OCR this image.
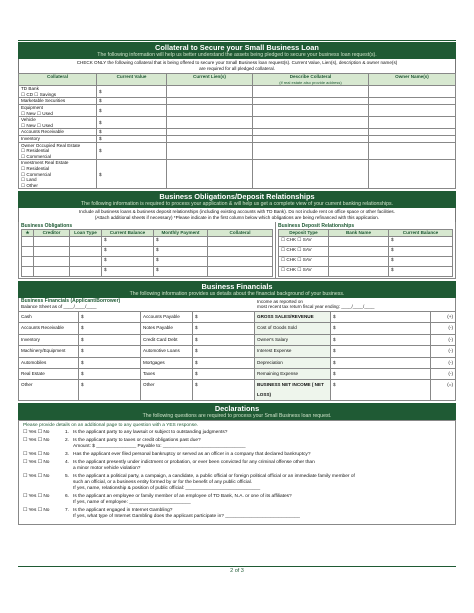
Collateral to Secure your Small Business Loan
The following information will help us better understand the assets being pledged to secure your business loan request(s).
CHECK ONLY the following collateral that is being offered to secure your Small Business loan request(s). Current Value, Lien(s), description & owner name(s)
are required for all pledged collateral.
Collateral	Current Value	Current Lien(s)	Describe Collateral
(if real estate also provide address)	Owner Name(s)

TD Bank
☐ CD ☐ Savings	$			

Marketable Securities	$			

Equipment
☐ New ☐ Used	$			

Vehicle
☐ New ☐ Used	$			

Accounts Receivable	$			

Inventory	$			

Owner Occupied Real Estate
☐ Residential
☐ Commercial	$			

Investment Real Estate
☐ Residential
☐ Commercial
☐ Land
☐ Other	$			
Business Obligations/Deposit Relationships
The following information is required to process your application & will help us get a complete view of your current banking relationships.
Include all business loans & business deposit relationships (including existing accounts with TD Bank). Do not include rent on office space or other facilities.
(Attach additional sheets if necessary) *Please indicate in the first column below which obligations are being refinanced with this application.
Business Obligations
★	Creditor	Loan Type	Current Balance	Monthly Payment	Collateral
			$	$	
			$	$	
			$	$	
			$	$	
Business Deposit Relationships
Deposit Type	Bank Name	Current Balance
☐ CHK ☐ SAV		$
☐ CHK ☐ SAV		$
☐ CHK ☐ SAV		$
☐ CHK ☐ SAV		$
Business Financials
The following information provides us details about the financial background of your business.
Business Financials (Applicant/Borrower)
Balance Sheet as of ____/____/____
Income as reported on
most recent tax return fiscal year ending: ____/____/____
Cash	$	Accounts Payable	$	GROSS SALES/REVENUE	$	(+)
Accounts Receivable	$	Notes Payable	$	Cost of Goods Sold	$	(-)
Inventory	$	Credit Card Debt	$	Owner's Salary	$	(-)
Machinery/Equipment	$	Automotive Loans	$	Interest Expense	$	(-)
Automobiles	$	Mortgages	$	Depreciation	$	(-)
Real Estate	$	Taxes	$	Remaining Expense	$	(-)
Other	$	Other	$	BUSINESS NET INCOME ( NET LOSS)	$	(=)
Declarations
The following questions are required to process your Small Business loan request.
Please provide details on an additional page to any question with a YES response.
☐ Yes ☐ No	1. Is the applicant party to any lawsuit or subject to outstanding judgments?
☐ Yes ☐ No	2. Is the applicant party to taxes or credit obligations past due?
Amount: $ _______________ Payable to: _______________________________
☐ Yes ☐ No	3. Has the applicant ever filed personal bankruptcy or served as an officer in a company that declared bankruptcy?
☐ Yes ☐ No	4. Is the applicant presently under indictment or probation, or ever been convicted for any criminal offense other than
a minor motor vehicle violation?
☐ Yes ☐ No	5. Is the applicant a political party, a campaign, a candidate, a public official or foreign political official or an immediate family member of
such an official, or a business entity formed by or for the benefit of any public official.
If yes, name, relationship & position of public official: ____________________________
☐ Yes ☐ No	6. Is the applicant an employee or family member of an employee of TD Bank, N.A. or one of its affiliates?
If yes, name of employee: _______________________
☐ Yes ☐ No	7. Is the applicant engaged in Internet Gambling?
If yes, what type of Internet Gambling does the applicant participate in? ____________________________
2 of 3
